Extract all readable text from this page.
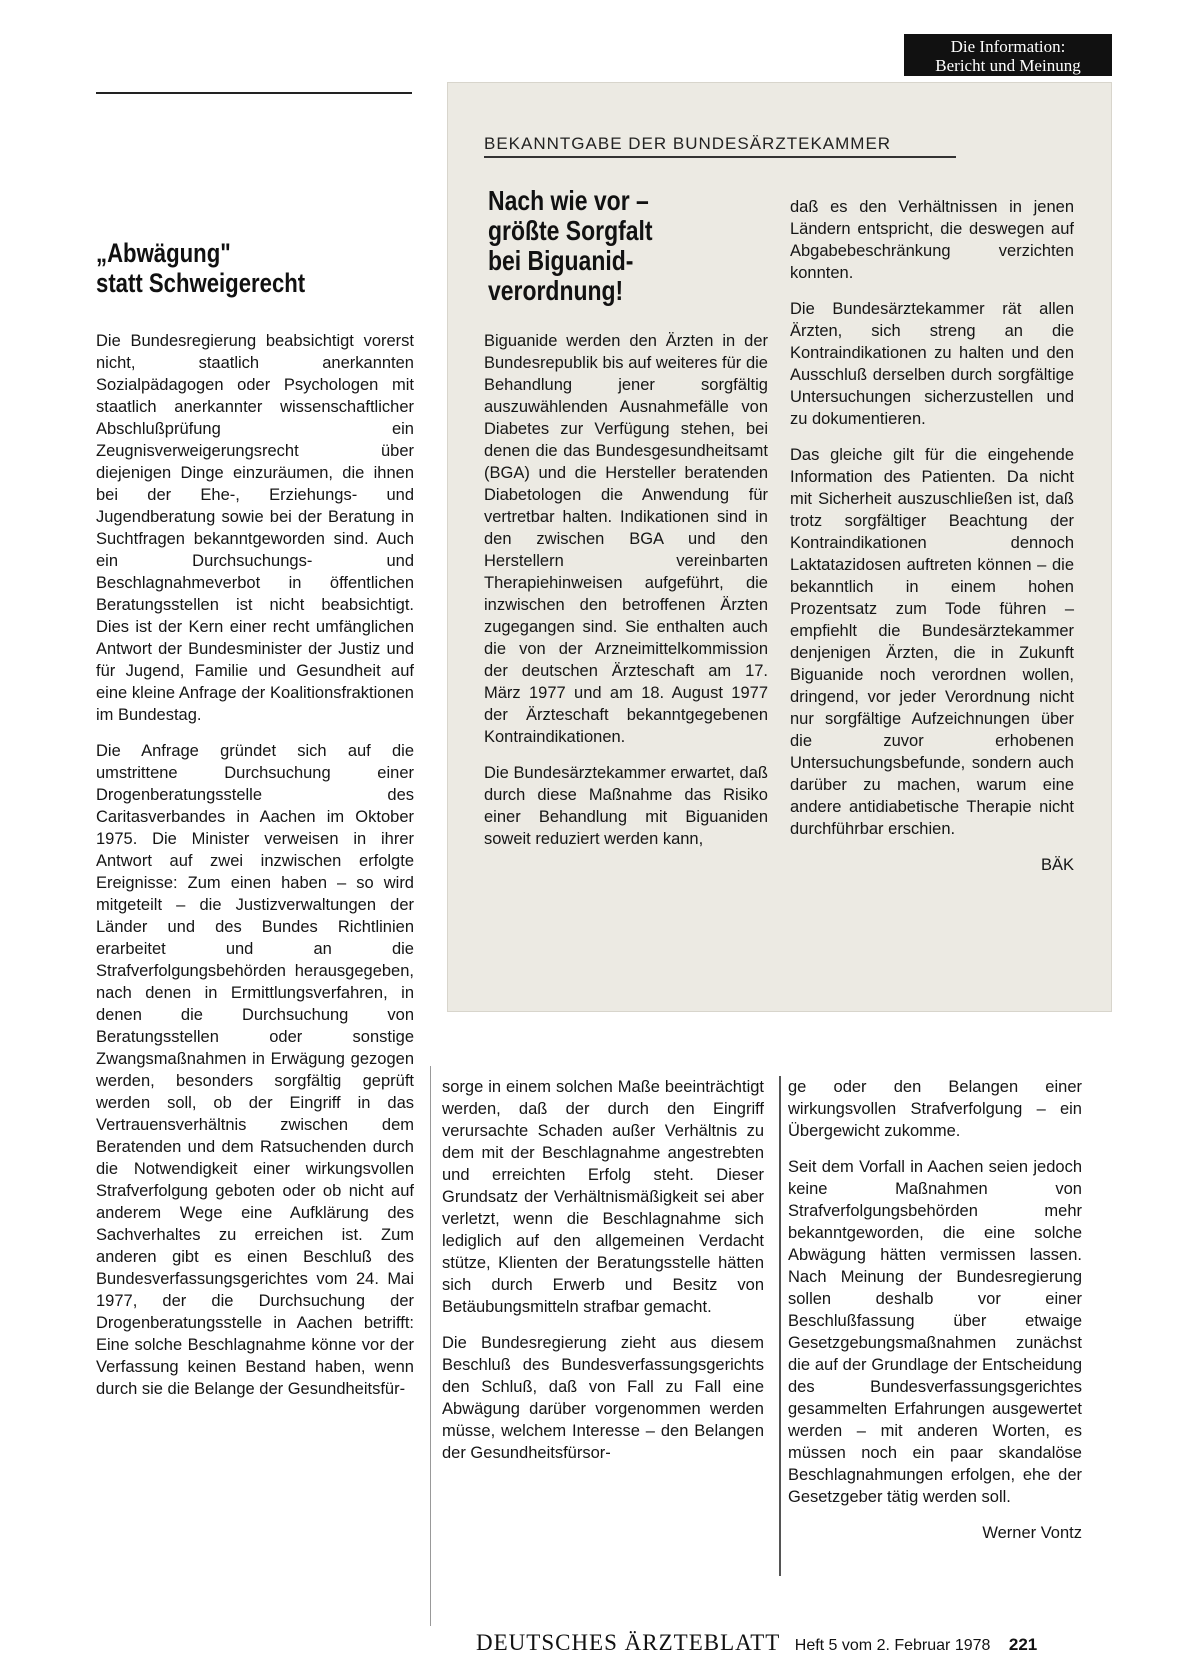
Die Information:
Bericht und Meinung
BEKANNTGABE DER BUNDESÄRZTEKAMMER
„Abwägung"
statt Schweigerecht
Nach wie vor –
größte Sorgfalt
bei Biguanid-
verordnung!

Die Bundesregierung beabsichtigt vorerst nicht, staatlich anerkannten Sozialpädagogen oder Psychologen mit staatlich anerkannter wissenschaftlicher Abschlußprüfung ein Zeugnisverweigerungsrecht über diejenigen Dinge einzuräumen, die ihnen bei der Ehe-, Erziehungs- und Jugendberatung sowie bei der Beratung in Suchtfragen bekanntgeworden sind. Auch ein Durchsuchungs- und Beschlagnahmeverbot in öffentlichen Beratungsstellen ist nicht beabsichtigt. Dies ist der Kern einer recht umfänglichen Antwort der Bundesminister der Justiz und für Jugend, Familie und Gesundheit auf eine kleine Anfrage der Koalitionsfraktionen im Bundestag.

Die Anfrage gründet sich auf die umstrittene Durchsuchung einer Drogenberatungsstelle des Caritasverbandes in Aachen im Oktober 1975. Die Minister verweisen in ihrer Antwort auf zwei inzwischen erfolgte Ereignisse: Zum einen haben – so wird mitgeteilt – die Justizverwaltungen der Länder und des Bundes Richtlinien erarbeitet und an die Strafverfolgungsbehörden herausgegeben, nach denen in Ermittlungsverfahren, in denen die Durchsuchung von Beratungsstellen oder sonstige Zwangsmaßnahmen in Erwägung gezogen werden, besonders sorgfältig geprüft werden soll, ob der Eingriff in das Vertrauensverhältnis zwischen dem Beratenden und dem Ratsuchenden durch die Notwendigkeit einer wirkungsvollen Strafverfolgung geboten oder ob nicht auf anderem Wege eine Aufklärung des Sachverhaltes zu erreichen ist. Zum anderen gibt es einen Beschluß des Bundesverfassungsgerichtes vom 24. Mai 1977, der die Durchsuchung der Drogenberatungsstelle in Aachen betrifft: Eine solche Beschlagnahme könne vor der Verfassung keinen Bestand haben, wenn durch sie die Belange der Gesundheitsfür-

Biguanide werden den Ärzten in der Bundesrepublik bis auf weiteres für die Behandlung jener sorgfältig auszuwählenden Ausnahmefälle von Diabetes zur Verfügung stehen, bei denen die das Bundesgesundheitsamt (BGA) und die Hersteller beratenden Diabetologen die Anwendung für vertretbar halten. Indikationen sind in den zwischen BGA und den Herstellern vereinbarten Therapiehinweisen aufgeführt, die inzwischen den betroffenen Ärzten zugegangen sind. Sie enthalten auch die von der Arzneimittelkommission der deutschen Ärzteschaft am 17. März 1977 und am 18. August 1977 der Ärzteschaft bekanntgegebenen Kontraindikationen.

Die Bundesärztekammer erwartet, daß durch diese Maßnahme das Risiko einer Behandlung mit Biguaniden soweit reduziert werden kann,

daß es den Verhältnissen in jenen Ländern entspricht, die deswegen auf Abgabebeschränkung verzichten konnten.

Die Bundesärztekammer rät allen Ärzten, sich streng an die Kontraindikationen zu halten und den Ausschluß derselben durch sorgfältige Untersuchungen sicherzustellen und zu dokumentieren.

Das gleiche gilt für die eingehende Information des Patienten. Da nicht mit Sicherheit auszuschließen ist, daß trotz sorgfältiger Beachtung der Kontraindikationen dennoch Laktatazidosen auftreten können – die bekanntlich in einem hohen Prozentsatz zum Tode führen – empfiehlt die Bundesärztekammer denjenigen Ärzten, die in Zukunft Biguanide noch verordnen wollen, dringend, vor jeder Verordnung nicht nur sorgfältige Aufzeichnungen über die zuvor erhobenen Untersuchungsbefunde, sondern auch darüber zu machen, warum eine andere antidiabetische Therapie nicht durchführbar erschien.

BÄK

sorge in einem solchen Maße beeinträchtigt werden, daß der durch den Eingriff verursachte Schaden außer Verhältnis zu dem mit der Beschlagnahme angestrebten und erreichten Erfolg steht. Dieser Grundsatz der Verhältnismäßigkeit sei aber verletzt, wenn die Beschlagnahme sich lediglich auf den allgemeinen Verdacht stütze, Klienten der Beratungsstelle hätten sich durch Erwerb und Besitz von Betäubungsmitteln strafbar gemacht.

Die Bundesregierung zieht aus diesem Beschluß des Bundesverfassungsgerichts den Schluß, daß von Fall zu Fall eine Abwägung darüber vorgenommen werden müsse, welchem Interesse – den Belangen der Gesundheitsfürsor-

ge oder den Belangen einer wirkungsvollen Strafverfolgung – ein Übergewicht zukomme.

Seit dem Vorfall in Aachen seien jedoch keine Maßnahmen von Strafverfolgungsbehörden mehr bekanntgeworden, die eine solche Abwägung hätten vermissen lassen. Nach Meinung der Bundesregierung sollen deshalb vor einer Beschlußfassung über etwaige Gesetzgebungsmaßnahmen zunächst die auf der Grundlage der Entscheidung des Bundesverfassungsgerichtes gesammelten Erfahrungen ausgewertet werden – mit anderen Worten, es müssen noch ein paar skandalöse Beschlagnahmungen erfolgen, ehe der Gesetzgeber tätig werden soll.

Werner Vontz

DEUTSCHES ÄRZTEBLATT Heft 5 vom 2. Februar 1978 221
